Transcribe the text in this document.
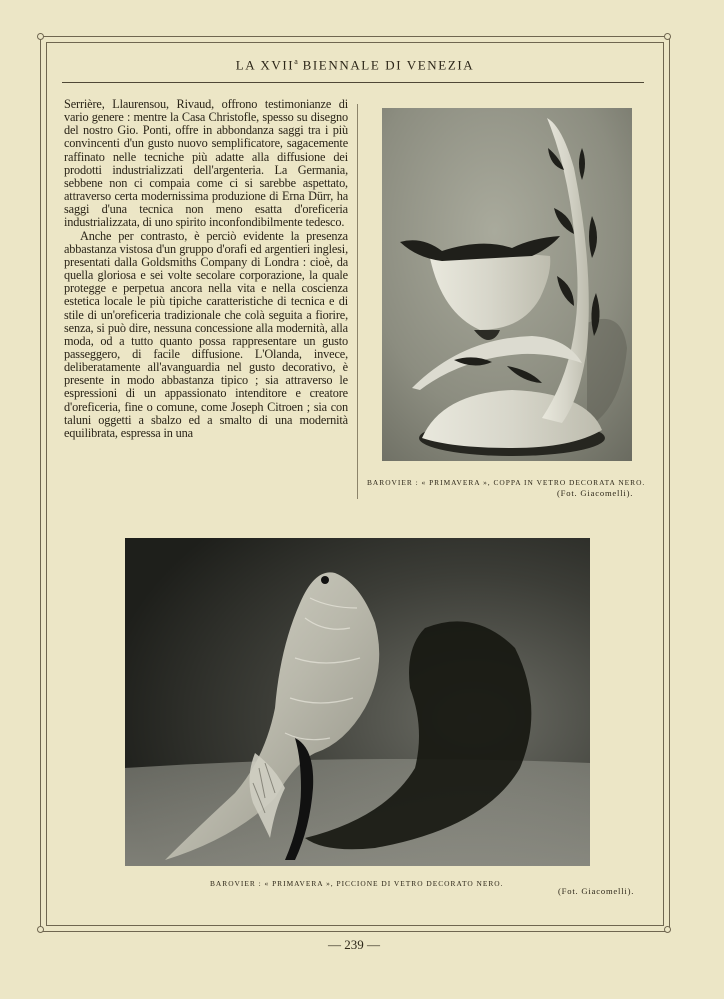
LA XVII$^a$ BIENNALE DI VENEZIA

Serrière, Llaurensou, Rivaud, offrono testimonianze di vario genere : mentre la Casa Christofle, spesso su disegno del nostro Gio. Ponti, offre in abbondanza saggi tra i più convincenti d'un gusto nuovo semplificatore, sagacemente raffinato nelle tecniche più adatte alla diffusione dei prodotti industrializzati dell'argenteria. La Germania, sebbene non ci compaia come ci si sarebbe aspettato, attraverso certa modernissima produzione di Erna Dürr, ha saggi d'una tecnica non meno esatta d'oreficeria industrializzata, di uno spirito inconfondibilmente tedesco.

Anche per contrasto, è perciò evidente la presenza abbastanza vistosa d'un gruppo d'orafi ed argentieri inglesi, presentati dalla Goldsmiths Company di Londra : cioè, da quella gloriosa e sei volte secolare corporazione, la quale protegge e perpetua ancora nella vita e nella coscienza estetica locale le più tipiche caratteristiche di tecnica e di stile di un'oreficeria tradizionale che colà seguita a fiorire, senza, si può dire, nessuna concessione alla modernità, alla moda, od a tutto quanto possa rappresentare un gusto passeggero, di facile diffusione. L'Olanda, invece, deliberatamente all'avanguardia nel gusto decorativo, è presente in modo abbastanza tipico ; sia attraverso le espressioni di un appassionato intenditore e creatore d'oreficeria, fine o comune, come Joseph Citroen ; sia con taluni oggetti a sbalzo ed a smalto di una modernità equilibrata, espressa in una

BAROVIER : « PRIMAVERA », COPPA IN VETRO DECORATA NERO.
(Fot. Giacomelli).
BAROVIER : « PRIMAVERA », PICCIONE DI VETRO DECORATO NERO.
(Fot. Giacomelli).
— 239 —
